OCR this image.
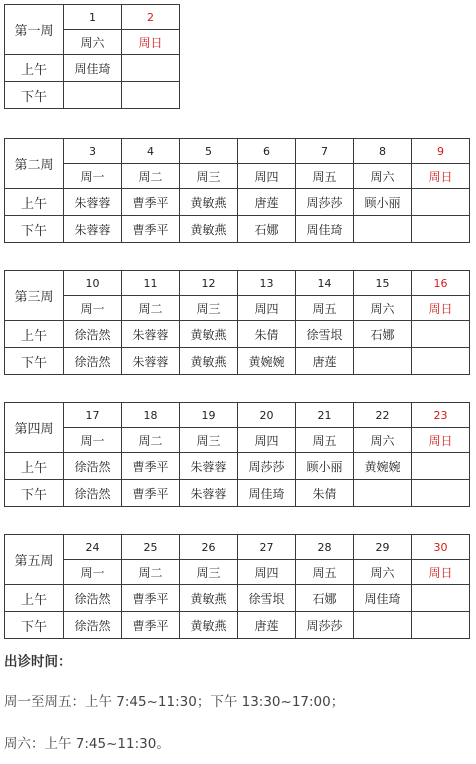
第一周	1	2
	周六	周日
上午	周佳琦	
下午		
第二周	3	4	5	6	7	8	9
	周一	周二	周三	周四	周五	周六	周日
上午	朱蓉蓉	曹季平	黄敏燕	唐莲	周莎莎	顾小丽	
下午	朱蓉蓉	曹季平	黄敏燕	石娜	周佳琦		
第三周	10	11	12	13	14	15	16
	周一	周二	周三	周四	周五	周六	周日
上午	徐浩然	朱蓉蓉	黄敏燕	朱倩	徐雪垠	石娜	
下午	徐浩然	朱蓉蓉	黄敏燕	黄婉婉	唐莲		
第四周	17	18	19	20	21	22	23
	周一	周二	周三	周四	周五	周六	周日
上午	徐浩然	曹季平	朱蓉蓉	周莎莎	顾小丽	黄婉婉	
下午	徐浩然	曹季平	朱蓉蓉	周佳琦	朱倩		
第五周	24	25	26	27	28	29	30
	周一	周二	周三	周四	周五	周六	周日
上午	徐浩然	曹季平	黄敏燕	徐雪垠	石娜	周佳琦	
下午	徐浩然	曹季平	黄敏燕	唐莲	周莎莎		

出诊时间：

周一至周五：上午 7:45~11:30；下午 13:30~17:00；

周六：上午 7:45~11:30。
